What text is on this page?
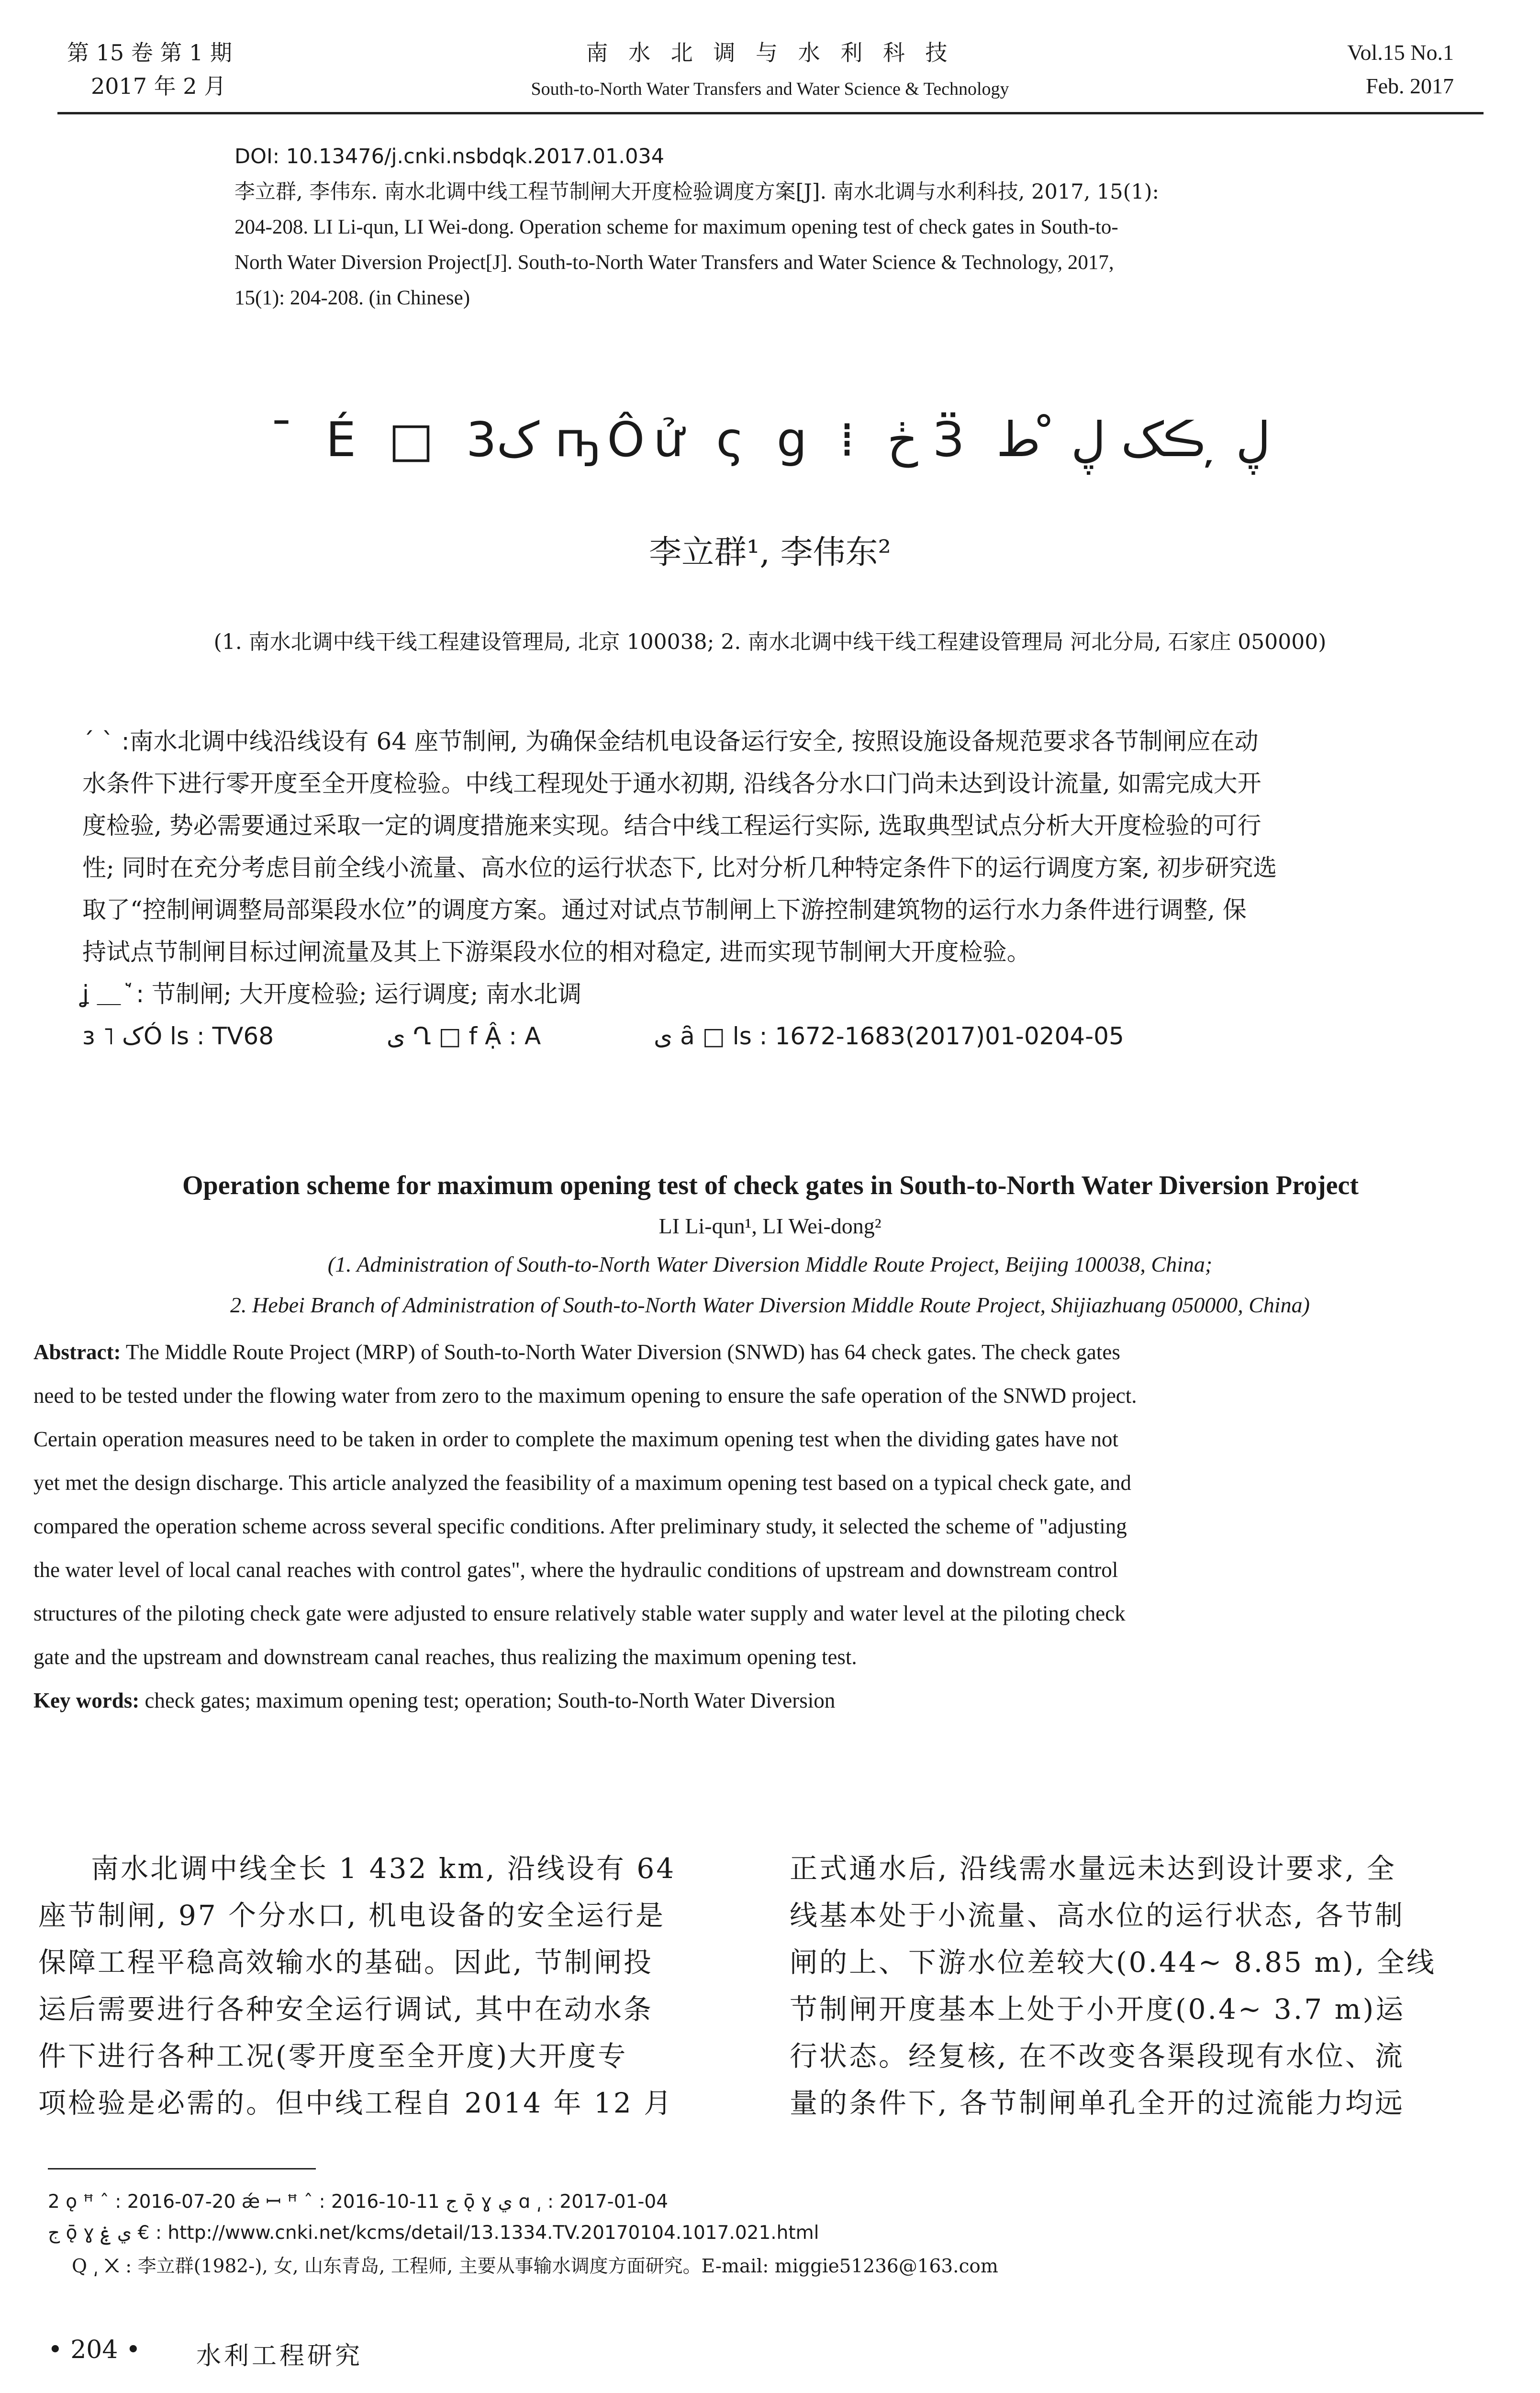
第 15 卷 第 1 期
2017 年 2 月
南 水 北 调 与 水 利 科 技
South-to-North Water Transfers and Water Science & Technology
Vol.15 No.1
Feb. 2017
DOI: 10.13476/j.cnki.nsbdqk.2017.01.034
李立群, 李伟东. 南水北调中线工程节制闸大开度检验调度方案[J]. 南水北调与水利科技, 2017, 15(1):
204-208. LI Li-qun, LI Wei-dong. Operation scheme for maximum opening test of check gates in South-to-
North Water Diversion Project[J]. South-to-North Water Transfers and Water Science & Technology, 2017,
15(1): 204-208. (in Chinese)
¯ É □ ک3 ҧÔử ς g ⁞ ڂ Ӟ ڸ ̦ ڪک ڸ ̊ ط
李立群¹, 李伟东²
(1. 南水北调中线干线工程建设管理局, 北京 100038; 2. 南水北调中线干线工程建设管理局 河北分局, 石家庄 050000)
ˊ ˋ :南水北调中线沿线设有 64 座节制闸, 为确保金结机电设备运行安全, 按照设施设备规范要求各节制闸应在动
水条件下进行零开度至全开度检验。中线工程现处于通水初期, 沿线各分水口门尚未达到设计流量, 如需完成大开
度检验, 势必需要通过采取一定的调度措施来实现。结合中线工程运行实际, 选取典型试点分析大开度检验的可行
性; 同时在充分考虑目前全线小流量、高水位的运行状态下, 比对分析几种特定条件下的运行调度方案, 初步研究选
取了“控制闸调整局部渠段水位”的调度方案。通过对试点节制闸上下游控制建筑物的运行水力条件进行调整, 保
持试点节制闸目标过闸流量及其上下游渠段水位的相对稳定, 进而实现节制闸大开度检验。
ʝ ＿ ꙽ : 节制闸; 大开度检验; 运行调度; 南水北调
ɜ ˥ کÓ ls : TV68	ی Ղ □ f Ậ : A	ی ȃ □ ls : 1672-1683(2017)01-0204-05
Operation scheme for maximum opening test of check gates in South-to-North Water Diversion Project
LI Li-qun¹, LI Wei-dong²
(1. Administration of South-to-North Water Diversion Middle Route Project, Beijing 100038, China;
2. Hebei Branch of Administration of South-to-North Water Diversion Middle Route Project, Shijiazhuang 050000, China)
Abstract: The Middle Route Project (MRP) of South-to-North Water Diversion (SNWD) has 64 check gates. The check gates
need to be tested under the flowing water from zero to the maximum opening to ensure the safe operation of the SNWD project.
Certain operation measures need to be taken in order to complete the maximum opening test when the dividing gates have not
yet met the design discharge. This article analyzed the feasibility of a maximum opening test based on a typical check gate, and
compared the operation scheme across several specific conditions. After preliminary study, it selected the scheme of "adjusting
the water level of local canal reaches with control gates", where the hydraulic conditions of upstream and downstream control
structures of the piloting check gate were adjusted to ensure relatively stable water supply and water level at the piloting check
gate and the upstream and downstream canal reaches, thus realizing the maximum opening test.
Key words: check gates; maximum opening test; operation; South-to-North Water Diversion
南水北调中线全长 1 432 km, 沿线设有 64
座节制闸, 97 个分水口, 机电设备的安全运行是
保障工程平稳高效输水的基础。因此, 节制闸投
运后需要进行各种安全运行调试, 其中在动水条
件下进行各种工况(零开度至全开度)大开度专
项检验是必需的。但中线工程自 2014 年 12 月
正式通水后, 沿线需水量远未达到设计要求, 全
线基本处于小流量、高水位的运行状态, 各节制
闸的上、下游水位差较大(0.44~ 8.85 m), 全线
节制闸开度基本上处于小开度(0.4~ 3.7 m)运
行状态。经复核, 在不改变各渠段现有水位、流
量的条件下, 各节制闸单孔全开的过流能力均远
2 ǫ ꟸ ˆ : 2016-07-20 ǽ ꟷ ꟸ ˆ : 2016-10-11 ج ǭ ɣ ي ɑ ͵ : 2017-01-04
ج ǭ ɣ ي ۼ € : http://www.cnki.net/kcms/detail/13.1334.TV.20170104.1017.021.html
Q ͵ ᙭ : 李立群(1982-), 女, 山东青岛, 工程师, 主要从事输水调度方面研究。E-mail: miggie51236@163.com
• 204 • 水利工程研究
